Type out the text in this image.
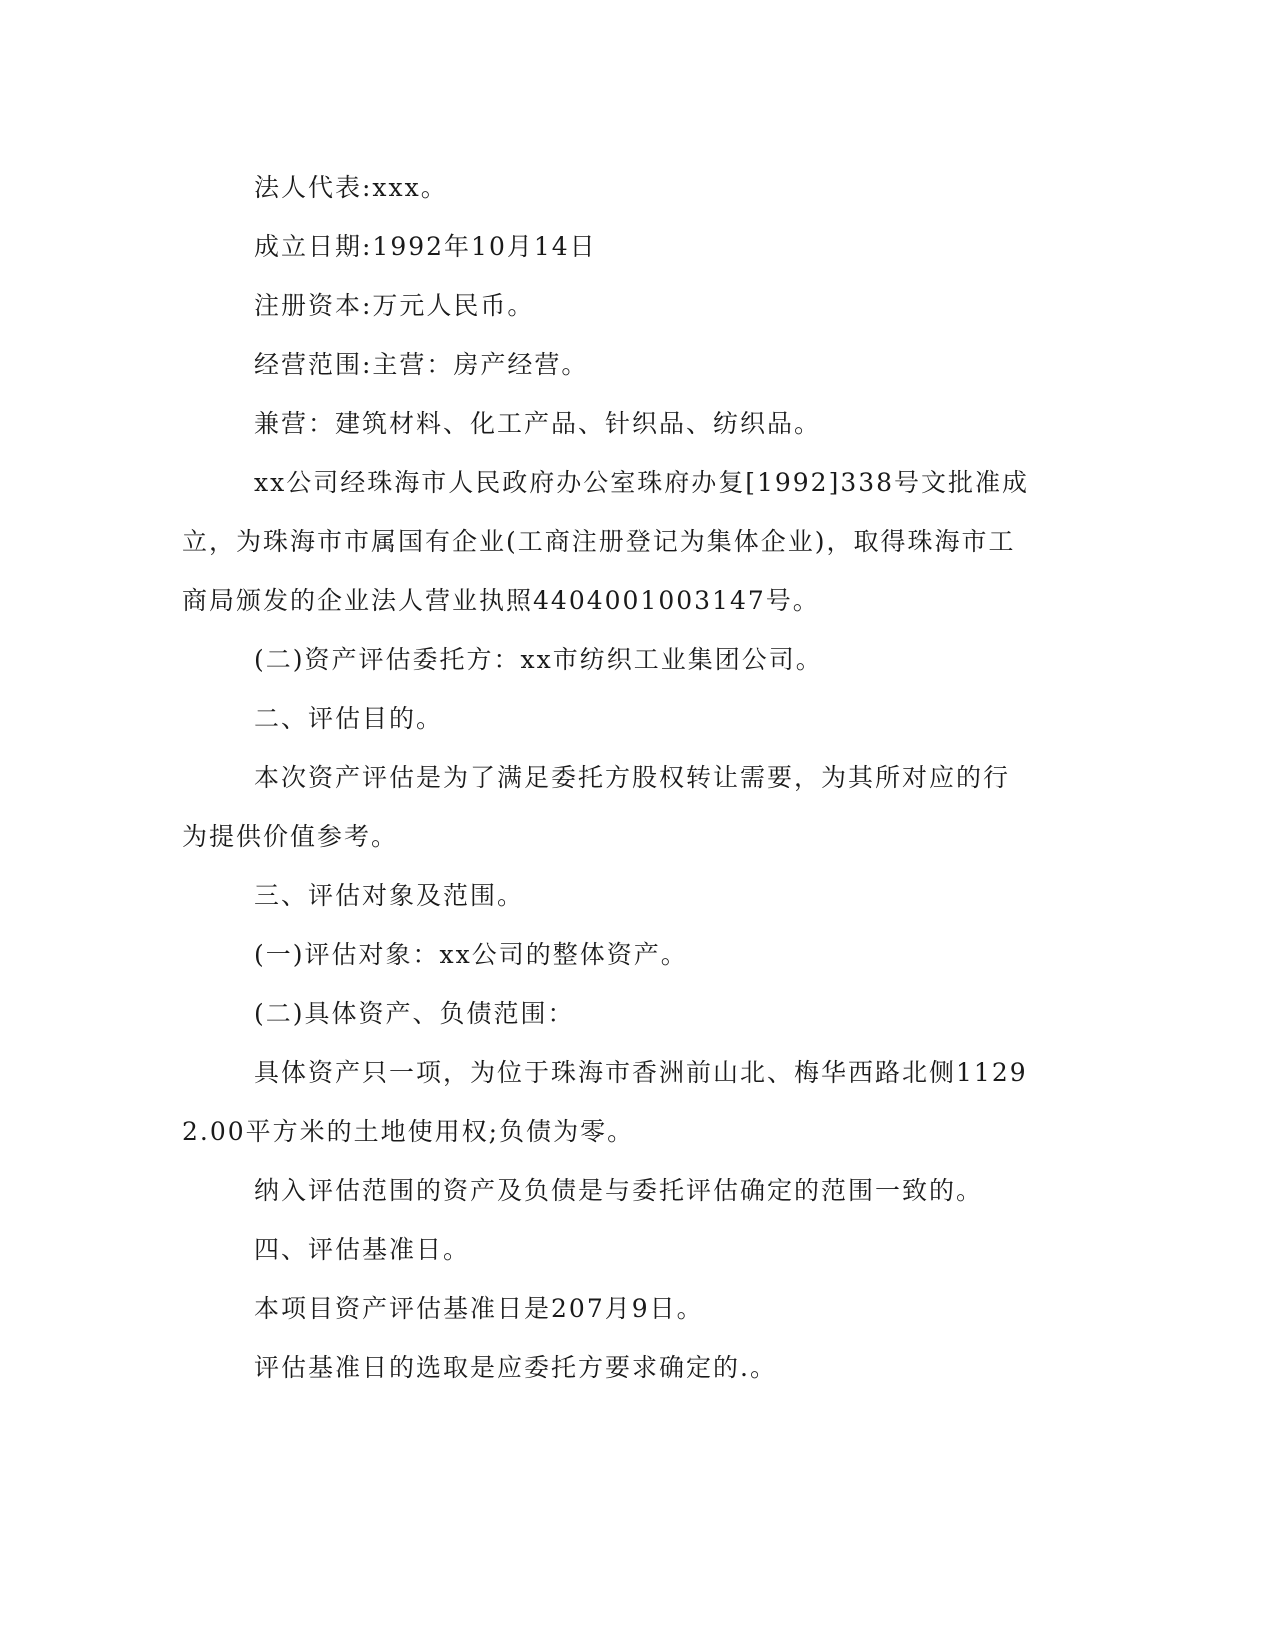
法人代表:xxx。

成立日期:1992年10月14日

注册资本:万元人民币。

经营范围:主营：房产经营。

兼营：建筑材料、化工产品、针织品、纺织品。

xx公司经珠海市人民政府办公室珠府办复[1992]338号文批准成立，为珠海市市属国有企业(工商注册登记为集体企业)，取得珠海市工商局颁发的企业法人营业执照4404001003147号。

(二)资产评估委托方：xx市纺织工业集团公司。

二、评估目的。

本次资产评估是为了满足委托方股权转让需要，为其所对应的行为提供价值参考。

三、评估对象及范围。

(一)评估对象：xx公司的整体资产。

(二)具体资产、负债范围：

具体资产只一项，为位于珠海市香洲前山北、梅华西路北侧11292.00平方米的土地使用权;负债为零。

纳入评估范围的资产及负债是与委托评估确定的范围一致的。

四、评估基准日。

本项目资产评估基准日是207月9日。

评估基准日的选取是应委托方要求确定的.。
